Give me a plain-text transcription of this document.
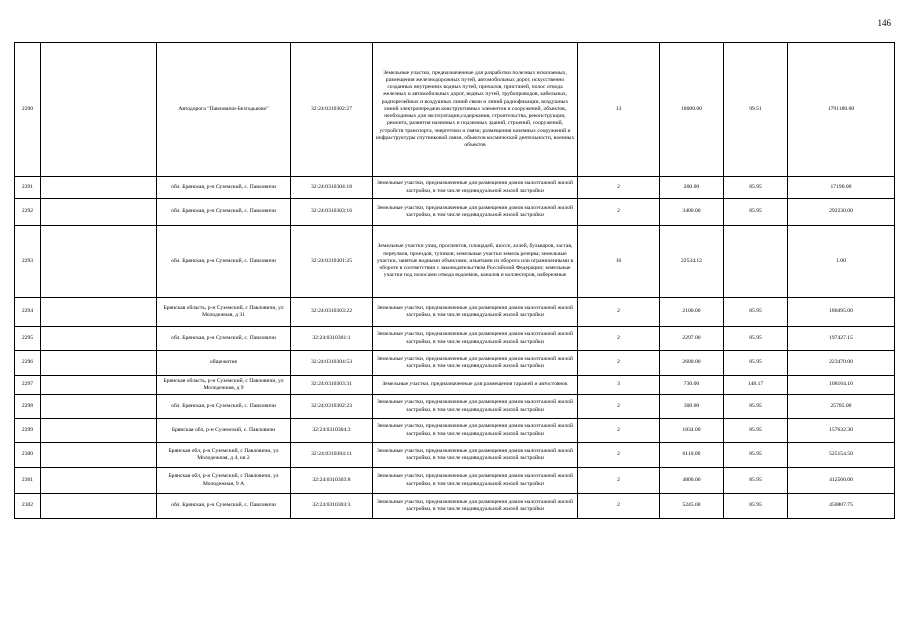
146
2290		Автодорога "Павловичи-Безгодьково"	32:24:0310302:27	Земельные участки, предназначенные для разработки полезных ископаемых, размещения железнодорожных путей, автомобильных дорог, искусственно созданных внутренних водных путей, причалов, пристаней, полос отвода железных и автомобильных дорог, водных путей, трубопроводов, кабельных, радиорелейных и воздушных линий связи и линий радиофикации, воздушных линий электропередачи конструктивных элементов и сооружений, объектов, необходимых для эксплуатации,содержания, строительства, реконструкции, ремонта, развития наземных и подземных зданий, строений, сооружений, устройств транспорта, энергетики и связи; размещения наземных сооружений и инфраструктуры спутниковой связи, объектов космической деятельности, военных объектов	13	18000.00	99.51	1791180.00
2291		обл. Брянская, р-н Суземский, с. Павловичи	32:24:0310304:18	Земельные участки, предназначенные для размещения домов малоэтажной жилой застройки, в том числе индивидуальной жилой застройки	2	200.00	85.95	17190.00
2292		обл. Брянская, р-н Суземский, с. Павловичи	32:24:0310303:16	Земельные участки, предназначенные для размещения домов малоэтажной жилой застройки, в том числе индивидуальной жилой застройки	2	3400.00	85.95	292230.00
2293		обл. Брянская, р-н Суземский, с. Павловичи	32:24:0310301:25	Земельные участки улиц, проспектов, площадей, шоссе, аллей, бульваров, застав, переулков, проездов, тупиков; земельные участки земель резерва; земельные участки, занятые водными объектами, изъятыми из оборота или ограниченными в обороте в соответствии с законодательством Российской Федерации; земельные участки под полосами отвода водоемов, каналов и коллекторов, набережные	16	22534.12		1.00
2294		Брянская область, р-н Суземский, с Павловичи, ул Молодежная, д 31	32:24:0310303:22	Земельные участки, предназначенные для размещения домов малоэтажной жилой застройки, в том числе индивидуальной жилой застройки	2	2100.00	85.95	180495.00
2295		обл. Брянская, р-н Суземский, с. Павловичи	32:24:0310301:1	Земельные участки, предназначенные для размещения домов малоэтажной жилой застройки, в том числе индивидуальной жилой застройки	2	2297.00	85.95	197427.15
2296		общежитие	32:24:0310304:53	Земельные участки, предназначенные для размещения домов малоэтажной жилой застройки, в том числе индивидуальной жилой застройки	2	2600.00	85.95	223470.00
2297		Брянская область, р-н Суземский, с Павловичи, ул Молодежная, д 9	32:24:0310303:31	Земельные участки, предназначенные для размещения гаражей и автостоянок	3	730.00	148.17	108164.10
2298		обл. Брянская, р-н Суземский, с. Павловичи	32:24:0310302:23	Земельные участки, предназначенные для размещения домов малоэтажной жилой застройки, в том числе индивидуальной жилой застройки	2	300.00	85.95	25785.00
2299		Брянская обл, р-н Суземский, с. Павловичи	32:24:0310304:3	Земельные участки, предназначенные для размещения домов малоэтажной жилой застройки, в том числе индивидуальной жилой застройки	2	1834.00	85.95	157632.30
2300		Брянская обл, р-н Суземский, с Павловичи, ул Молодежная, д 4, кв 2	32:24:0310304:11	Земельные участки, предназначенные для размещения домов малоэтажной жилой застройки, в том числе индивидуальной жилой застройки	2	6110.00	85.95	525154.50
2301		Брянская обл, р-н Суземский, с Павловичи, ул Молодежная, 9 А	32:24:0310303:8	Земельные участки, предназначенные для размещения домов малоэтажной жилой застройки, в том числе индивидуальной жилой застройки	2	4800.00	85.95	412560.00
2302		обл. Брянская, р-н Суземский, с. Павловичи	32:24:0310303:3	Земельные участки, предназначенные для размещения домов малоэтажной жилой застройки, в том числе индивидуальной жилой застройки	2	5245.00	85.95	450807.75
